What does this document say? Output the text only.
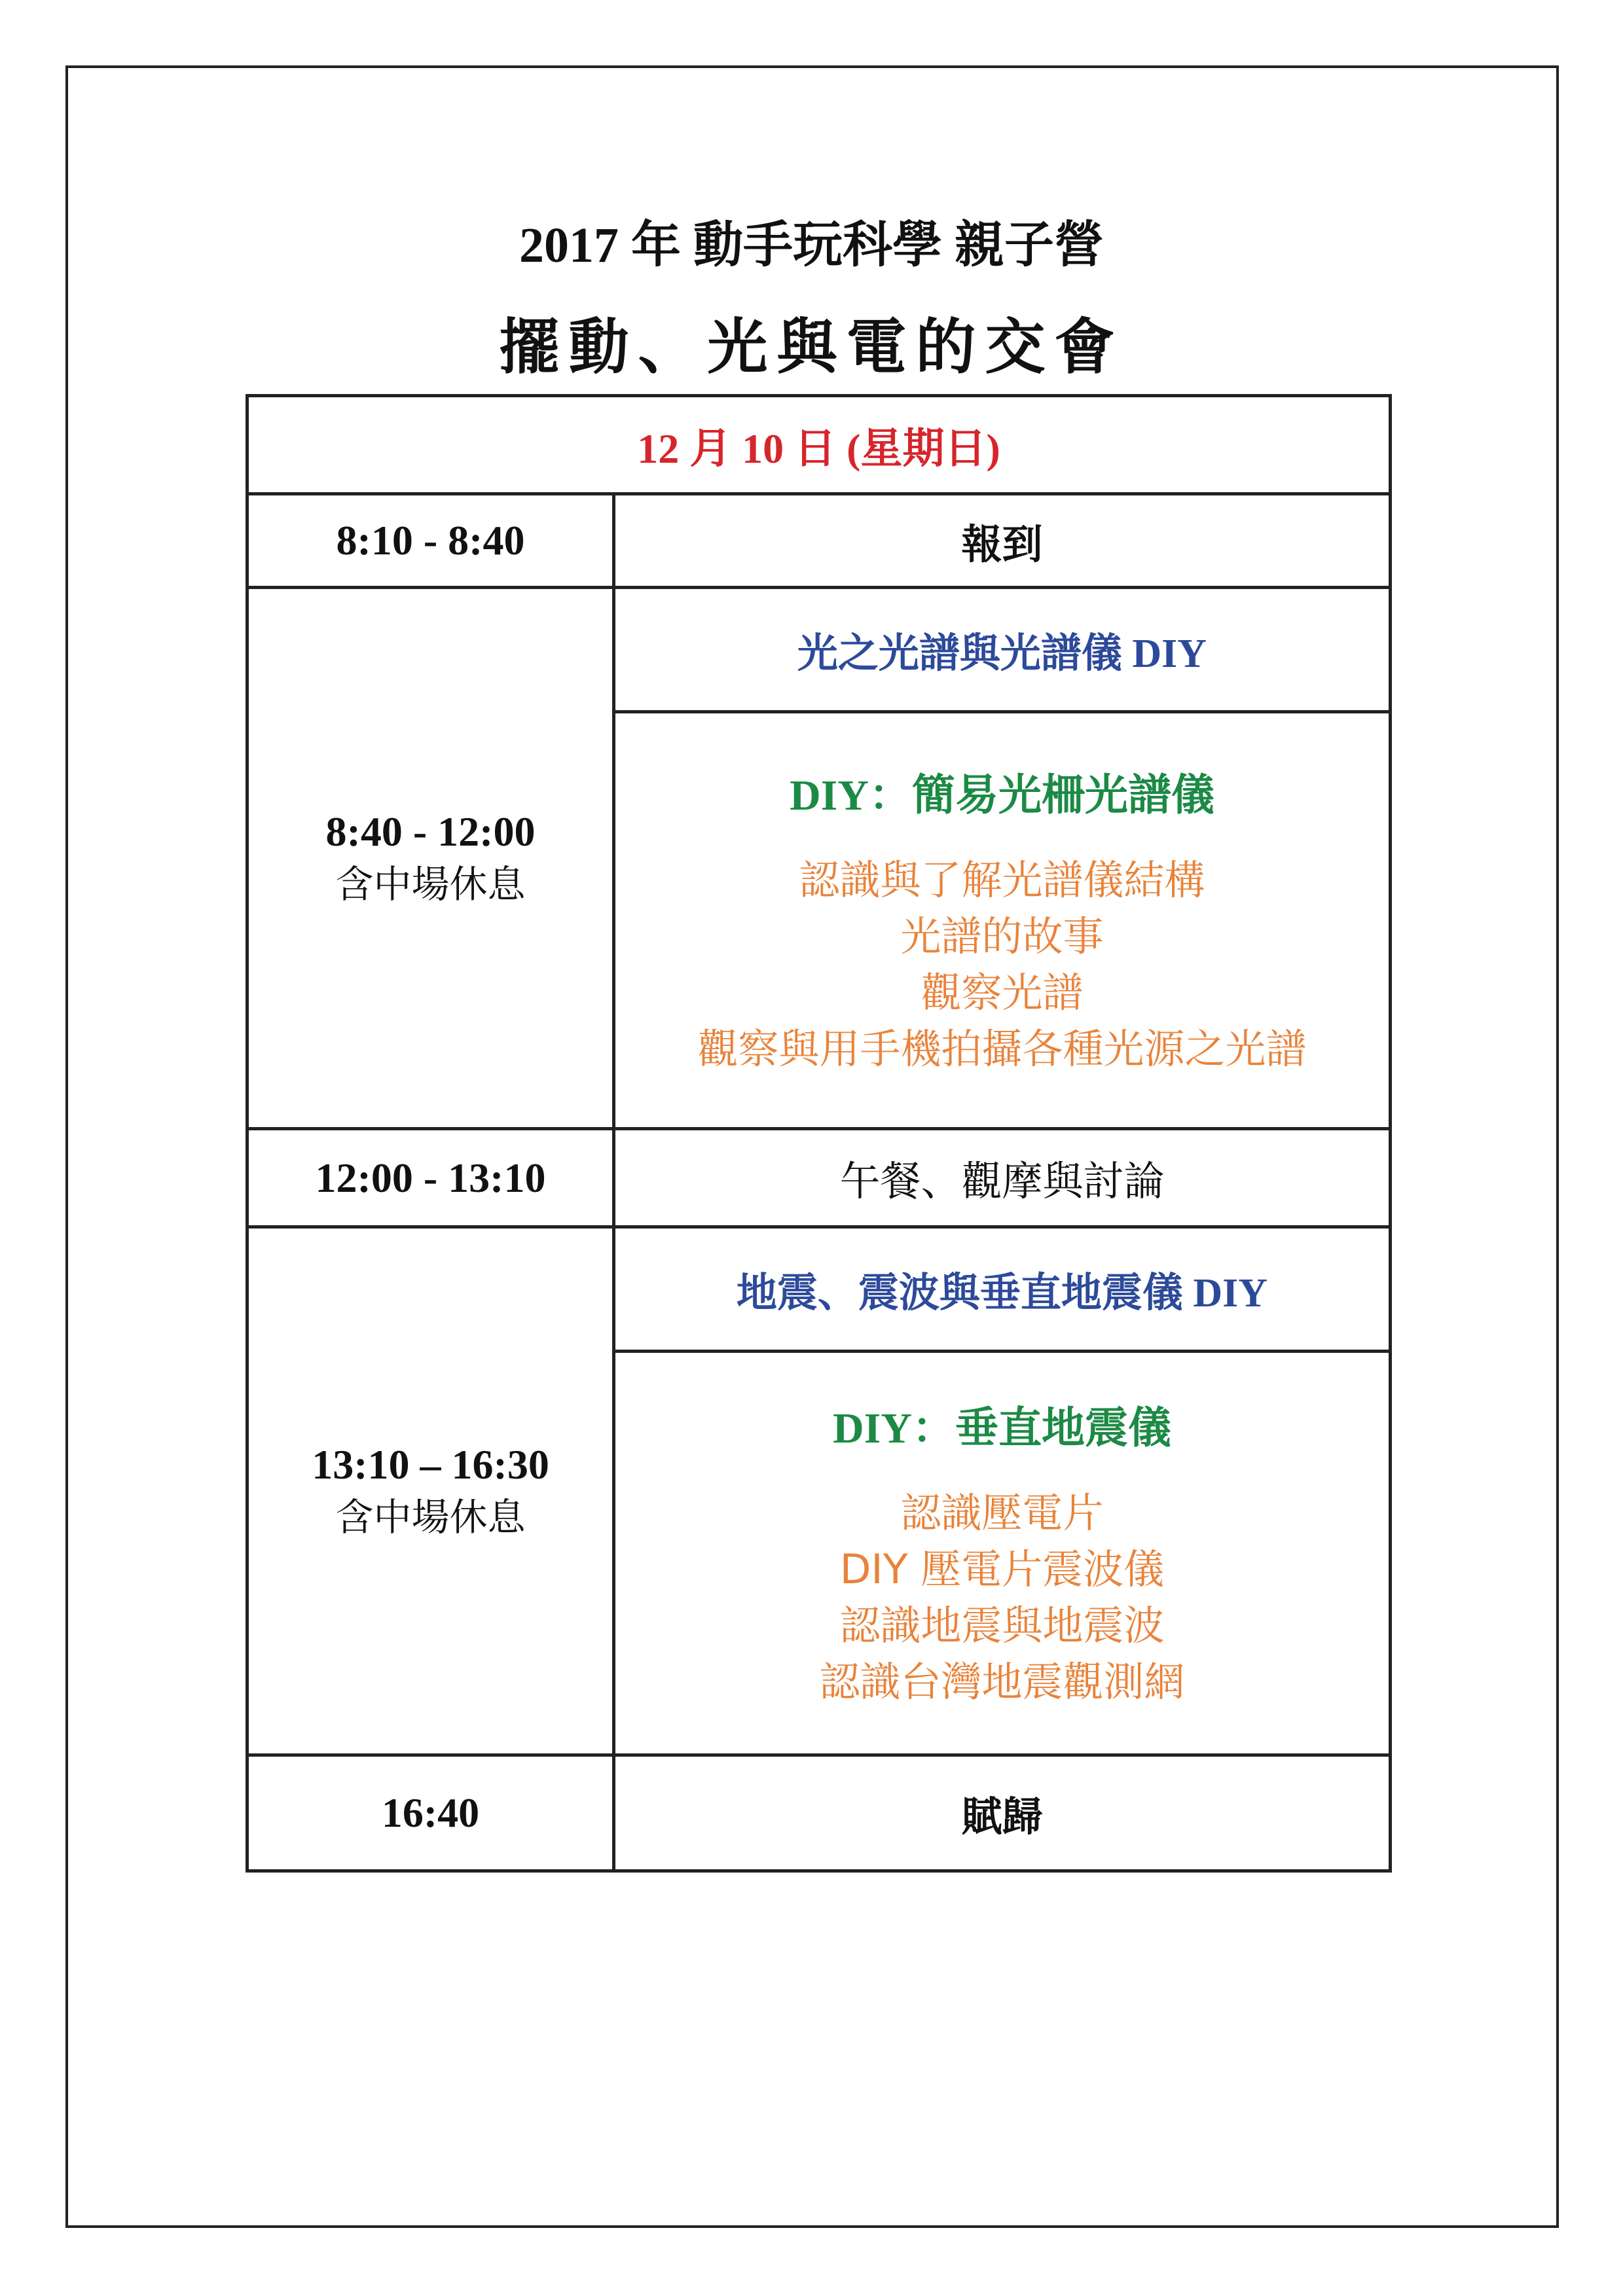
2017 年 動手玩科學 親子營
擺動、光與電的交會
12 月 10 日 (星期日)	
8:10 - 8:40	報到
8:40 - 12:00
含中場休息	光之光譜與光譜儀 DIY

	DIY：簡易光柵光譜儀
認識與了解光譜儀結構
光譜的故事
觀察光譜
觀察與用手機拍攝各種光源之光譜

12:00 - 13:10	午餐、觀摩與討論
13:10 – 16:30
含中場休息	地震、震波與垂直地震儀 DIY

	DIY：垂直地震儀
認識壓電片
DIY 壓電片震波儀
認識地震與地震波
認識台灣地震觀測網

16:40	賦歸
